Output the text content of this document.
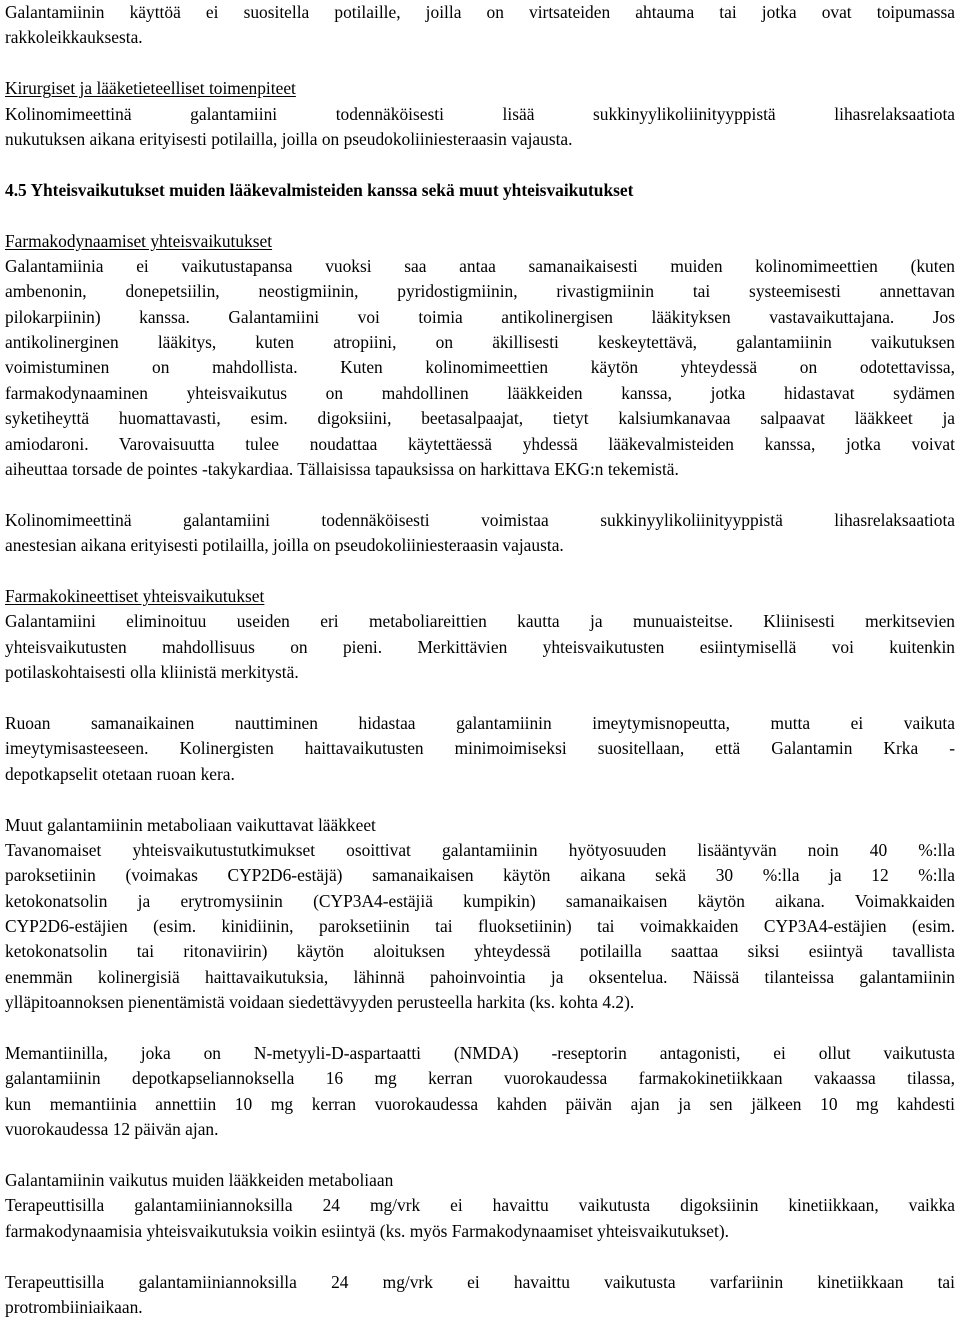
Galantamiinin käyttöä ei suositella potilaille, joilla on virtsateiden ahtauma tai jotka ovat toipumassa
rakkoleikkauksesta.
Kirurgiset ja lääketieteelliset toimenpiteet
Kolinomimeettinä galantamiini todennäköisesti lisää sukkinyylikoliinityyppistä lihasrelaksaatiota
nukutuksen aikana erityisesti potilailla, joilla on pseudokoliiniesteraasin vajausta.
4.5 Yhteisvaikutukset muiden lääkevalmisteiden kanssa sekä muut yhteisvaikutukset
Farmakodynaamiset yhteisvaikutukset
Galantamiinia ei vaikutustapansa vuoksi saa antaa samanaikaisesti muiden kolinomimeettien (kuten
ambenonin, donepetsiilin, neostigmiinin, pyridostigmiinin, rivastigmiinin tai systeemisesti annettavan
pilokarpiinin) kanssa. Galantamiini voi toimia antikolinergisen lääkityksen vastavaikuttajana. Jos
antikolinerginen lääkitys, kuten atropiini, on äkillisesti keskeytettävä, galantamiinin vaikutuksen
voimistuminen on mahdollista. Kuten kolinomimeettien käytön yhteydessä on odotettavissa,
farmakodynaaminen yhteisvaikutus on mahdollinen lääkkeiden kanssa, jotka hidastavat sydämen
syketiheyttä huomattavasti, esim. digoksiini, beetasalpaajat, tietyt kalsiumkanavaa salpaavat lääkkeet ja
amiodaroni. Varovaisuutta tulee noudattaa käytettäessä yhdessä lääkevalmisteiden kanssa, jotka voivat
aiheuttaa torsade de pointes -takykardiaa. Tällaisissa tapauksissa on harkittava EKG:n tekemistä.
Kolinomimeettinä galantamiini todennäköisesti voimistaa sukkinyylikoliinityyppistä lihasrelaksaatiota
anestesian aikana erityisesti potilailla, joilla on pseudokoliiniesteraasin vajausta.
Farmakokineettiset yhteisvaikutukset
Galantamiini eliminoituu useiden eri metaboliareittien kautta ja munuaisteitse. Kliinisesti merkitsevien
yhteisvaikutusten mahdollisuus on pieni. Merkittävien yhteisvaikutusten esiintymisellä voi kuitenkin
potilaskohtaisesti olla kliinistä merkitystä.
Ruoan samanaikainen nauttiminen hidastaa galantamiinin imeytymisnopeutta, mutta ei vaikuta
imeytymisasteeseen. Kolinergisten haittavaikutusten minimoimiseksi suositellaan, että Galantamin Krka -
depotkapselit otetaan ruoan kera.
Muut galantamiinin metaboliaan vaikuttavat lääkkeet
Tavanomaiset yhteisvaikutustutkimukset osoittivat galantamiinin hyötyosuuden lisääntyvän noin 40 %:lla
paroksetiinin (voimakas CYP2D6-estäjä) samanaikaisen käytön aikana sekä 30 %:lla ja 12 %:lla
ketokonatsolin ja erytromysiinin (CYP3A4-estäjiä kumpikin) samanaikaisen käytön aikana. Voimakkaiden
CYP2D6-estäjien (esim. kinidiinin, paroksetiinin tai fluoksetiinin) tai voimakkaiden CYP3A4-estäjien (esim.
ketokonatsolin tai ritonaviirin) käytön aloituksen yhteydessä potilailla saattaa siksi esiintyä tavallista
enemmän kolinergisiä haittavaikutuksia, lähinnä pahoinvointia ja oksentelua. Näissä tilanteissa galantamiinin
ylläpitoannoksen pienentämistä voidaan siedettävyyden perusteella harkita (ks. kohta 4.2).
Memantiinilla, joka on N-metyyli-D-aspartaatti (NMDA) -reseptorin antagonisti, ei ollut vaikutusta
galantamiinin depotkapseliannoksella 16 mg kerran vuorokaudessa farmakokinetiikkaan vakaassa tilassa,
kun memantiinia annettiin 10 mg kerran vuorokaudessa kahden päivän ajan ja sen jälkeen 10 mg kahdesti
vuorokaudessa 12 päivän ajan.
Galantamiinin vaikutus muiden lääkkeiden metaboliaan
Terapeuttisilla galantamiiniannoksilla 24 mg/vrk ei havaittu vaikutusta digoksiinin kinetiikkaan, vaikka
farmakodynaamisia yhteisvaikutuksia voikin esiintyä (ks. myös Farmakodynaamiset yhteisvaikutukset).
Terapeuttisilla galantamiiniannoksilla 24 mg/vrk ei havaittu vaikutusta varfariinin kinetiikkaan tai
protrombiiniaikaan.
